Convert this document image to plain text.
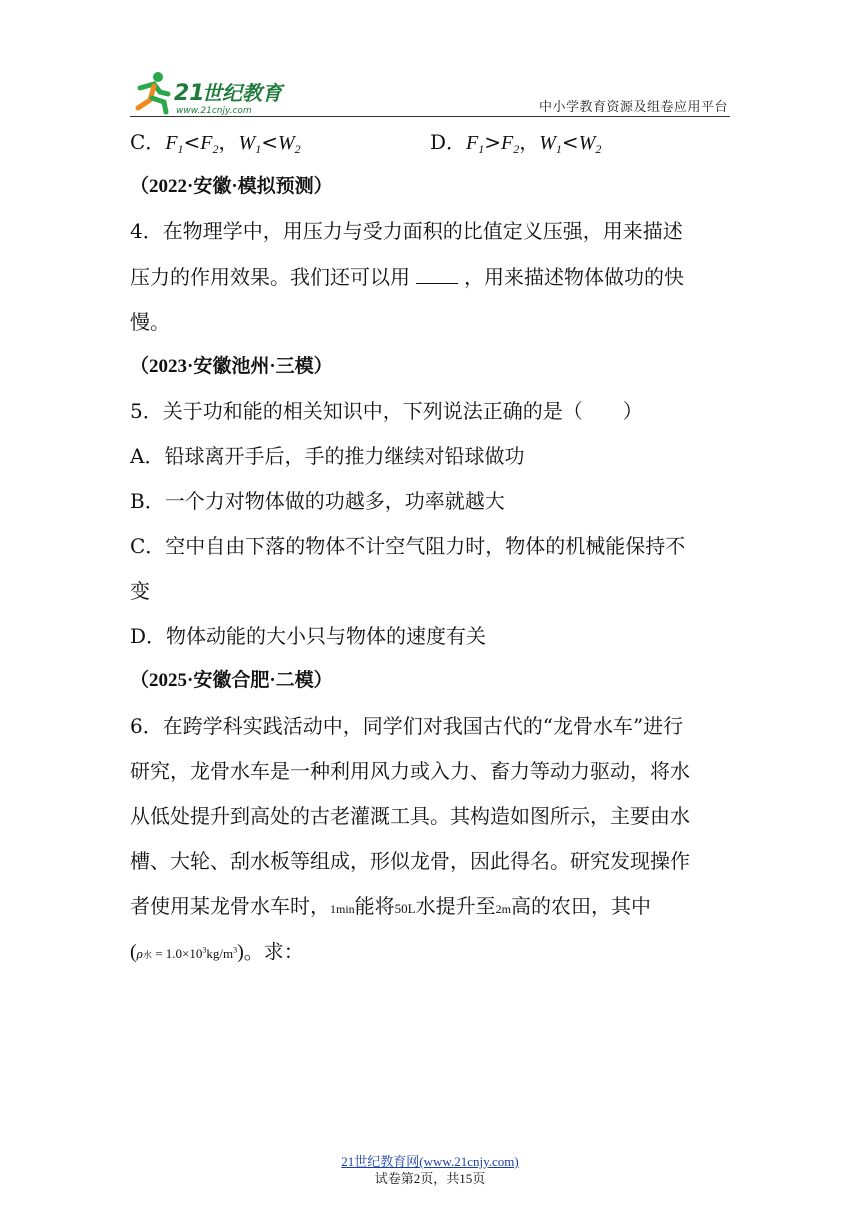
21
世纪教育
www.21cnjy.com	中小学教育资源及组卷应用平台
C．$F_1<F_2$，$W_1<W_2$	D．$F_1>F_2$，$W_1<W_2$
（2022·安徽·模拟预测）
4．在物理学中，用压力与受力面积的比值定义压强，用来描述
压力的作用效果。我们还可以用	，用来描述物体做功的快
慢。
（2023·安徽池州·三模）
5．关于功和能的相关知识中，下列说法正确的是（　　）
A．铅球离开手后，手的推力继续对铅球做功
B．一个力对物体做的功越多，功率就越大
C．空中自由下落的物体不计空气阻力时，物体的机械能保持不
变
D．物体动能的大小只与物体的速度有关
（2025·安徽合肥·二模）
6．在跨学科实践活动中，同学们对我国古代的“龙骨水车”进行
研究，龙骨水车是一种利用风力或入力、畜力等动力驱动，将水
从低处提升到高处的古老灌溉工具。其构造如图所示，主要由水
槽、大轮、刮水板等组成，形似龙骨，因此得名。研究发现操作
者使用某龙骨水车时，1min能将50L水提升至2m高的农田，其中
(ρ水 = $1.0\times 10^3kg/m^3$)。求：
21世纪教育网(www.21cnjy.com)
试卷第2页，共15页
